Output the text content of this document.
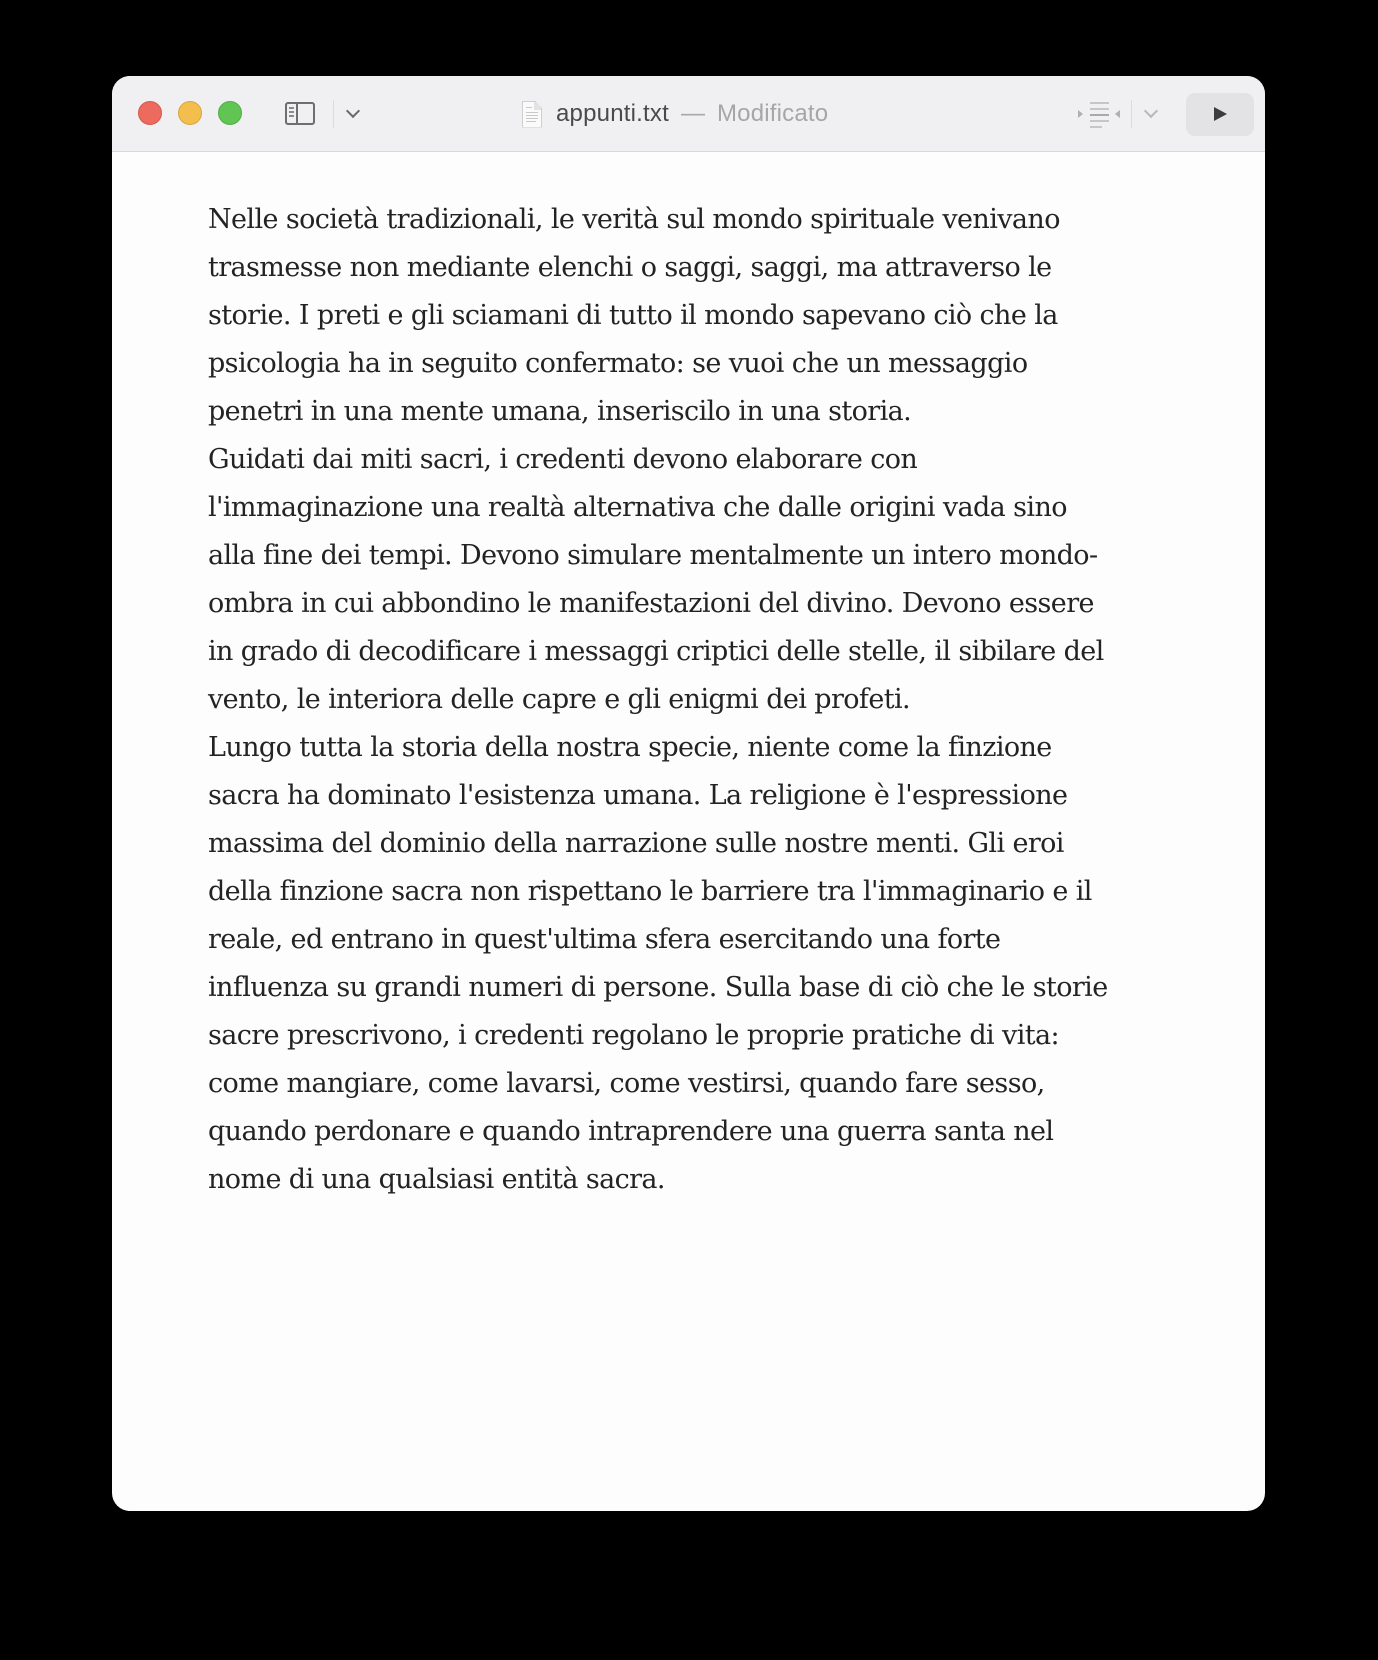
appunti.txt — Modificato
Nelle società tradizionali, le verità sul mondo spirituale venivano
trasmesse non mediante elenchi o saggi, saggi, ma attraverso le
storie. I preti e gli sciamani di tutto il mondo sapevano ciò che la
psicologia ha in seguito confermato: se vuoi che un messaggio
penetri in una mente umana, inseriscilo in una storia.
Guidati dai miti sacri, i credenti devono elaborare con
l'immaginazione una realtà alternativa che dalle origini vada sino
alla fine dei tempi. Devono simulare mentalmente un intero mondo-
ombra in cui abbondino le manifestazioni del divino. Devono essere
in grado di decodificare i messaggi criptici delle stelle, il sibilare del
vento, le interiora delle capre e gli enigmi dei profeti.
Lungo tutta la storia della nostra specie, niente come la finzione
sacra ha dominato l'esistenza umana. La religione è l'espressione
massima del dominio della narrazione sulle nostre menti. Gli eroi
della finzione sacra non rispettano le barriere tra l'immaginario e il
reale, ed entrano in quest'ultima sfera esercitando una forte
influenza su grandi numeri di persone. Sulla base di ciò che le storie
sacre prescrivono, i credenti regolano le proprie pratiche di vita:
come mangiare, come lavarsi, come vestirsi, quando fare sesso,
quando perdonare e quando intraprendere una guerra santa nel
nome di una qualsiasi entità sacra.
